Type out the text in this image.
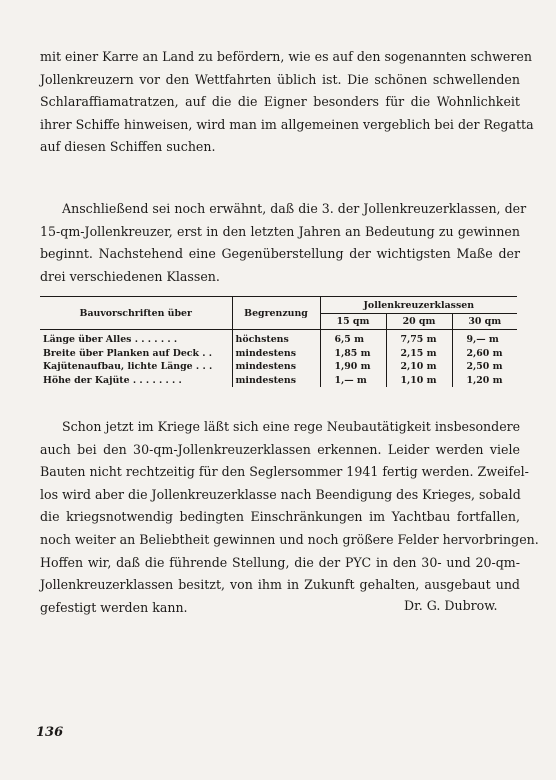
mit einer Karre an Land zu befördern, wie es auf den sogenannten schweren
Jollenkreuzern vor den Wettfahrten üblich ist. Die schönen schwellenden
Schlaraffiamatratzen, auf die die Eigner besonders für die Wohnlichkeit
ihrer Schiffe hinweisen, wird man im allgemeinen vergeblich bei der Regatta
auf diesen Schiffen suchen.

Anschließend sei noch erwähnt, daß die 3. der Jollenkreuzerklassen, der
15-qm-Jollenkreuzer, erst in den letzten Jahren an Bedeutung zu gewinnen
beginnt. Nachstehend eine Gegenüberstellung der wichtigsten Maße der
drei verschiedenen Klassen.

Bauvorschriften über	Begrenzung	Jollenkreuzerklassen		
		15 qm	20 qm	30 qm
Länge über Alles . . . . . . .	höchstens	6,5 m	7,75 m	9,— m
Breite über Planken auf Deck . .	mindestens	1,85 m	2,15 m	2,60 m
Kajütenaufbau, lichte Länge . . .	mindestens	1,90 m	2,10 m	2,50 m
Höhe der Kajüte . . . . . . . .	mindestens	1,— m	1,10 m	1,20 m

Schon jetzt im Kriege läßt sich eine rege Neubautätigkeit insbesondere
auch bei den 30-qm-Jollenkreuzerklassen erkennen. Leider werden viele
Bauten nicht rechtzeitig für den Seglersommer 1941 fertig werden. Zweifel-
los wird aber die Jollenkreuzerklasse nach Beendigung des Krieges, sobald
die kriegsnotwendig bedingten Einschränkungen im Yachtbau fortfallen,
noch weiter an Beliebtheit gewinnen und noch größere Felder hervorbringen.
Hoffen wir, daß die führende Stellung, die der PYC in den 30- und 20-qm-
Jollenkreuzerklassen besitzt, von ihm in Zukunft gehalten, ausgebaut und
gefestigt werden kann.	Dr. G. Dubrow.

136
